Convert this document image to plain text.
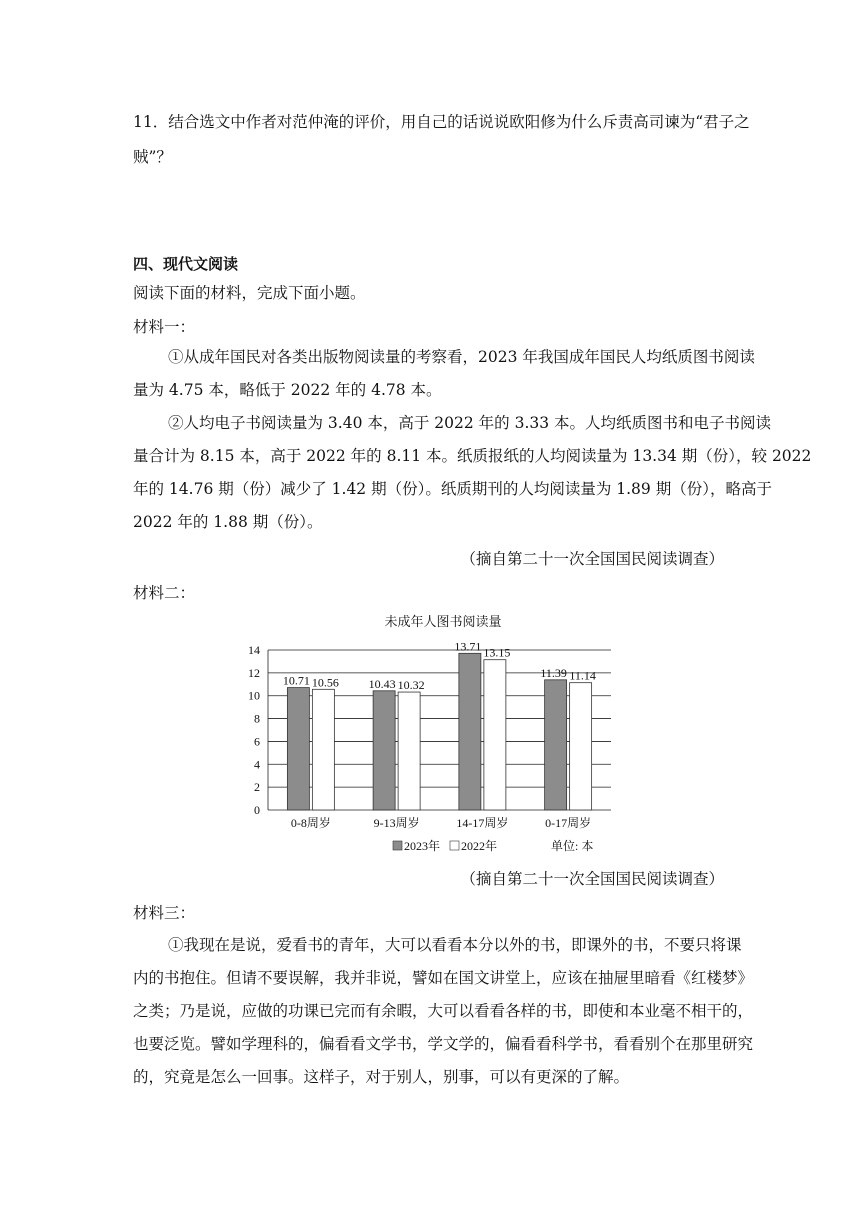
11．结合选文中作者对范仲淹的评价，用自己的话说说欧阳修为什么斥责高司谏为“君子之

贼”？

四、现代文阅读

阅读下面的材料，完成下面小题。

材料一：

①从成年国民对各类出版物阅读量的考察看，2023 年我国成年国民人均纸质图书阅读

量为 4.75 本，略低于 2022 年的 4.78 本。

②人均电子书阅读量为 3.40 本，高于 2022 年的 3.33 本。人均纸质图书和电子书阅读

量合计为 8.15 本，高于 2022 年的 8.11 本。纸质报纸的人均阅读量为 13.34 期（份），较 2022

年的 14.76 期（份）减少了 1.42 期（份）。纸质期刊的人均阅读量为 1.89 期（份），略高于

2022 年的 1.88 期（份）。

（摘自第二十一次全国国民阅读调查）

材料二：

未成年人图书阅读量
0
2
4
6
8
10
12
14
10.71 10.56 10.43 10.32
13.71 13.15
11.39 11.14
0-8周岁	9-13周岁	14-17周岁	0-17周岁
2023年 2022年	单位: 本

（摘自第二十一次全国国民阅读调查）

材料三：

①我现在是说，爱看书的青年，大可以看看本分以外的书，即课外的书，不要只将课

内的书抱住。但请不要误解，我并非说，譬如在国文讲堂上，应该在抽屉里暗看《红楼梦》

之类；乃是说，应做的功课已完而有余暇，大可以看看各样的书，即使和本业毫不相干的，

也要泛览。譬如学理科的，偏看看文学书，学文学的，偏看看科学书，看看别个在那里研究

的，究竟是怎么一回事。这样子，对于别人，别事，可以有更深的了解。
